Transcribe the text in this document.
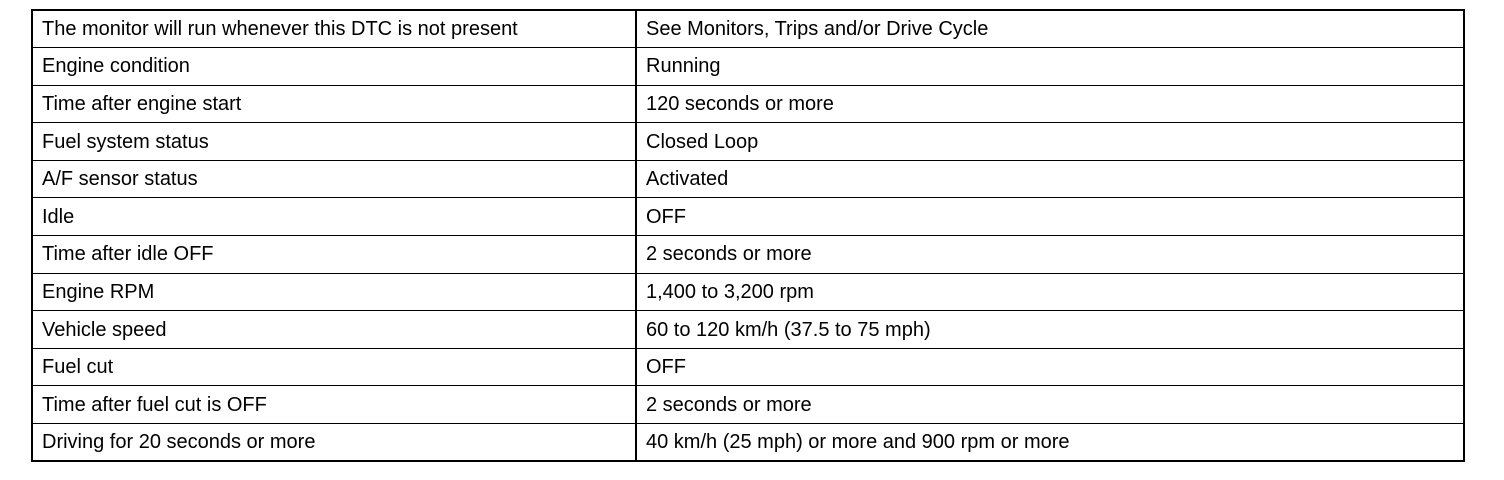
The monitor will run whenever this DTC is not present	See Monitors, Trips and/or Drive Cycle
Engine condition	Running
Time after engine start	120 seconds or more
Fuel system status	Closed Loop
A/F sensor status	Activated
Idle	OFF
Time after idle OFF	2 seconds or more
Engine RPM	1,400 to 3,200 rpm
Vehicle speed	60 to 120 km/h (37.5 to 75 mph)
Fuel cut	OFF
Time after fuel cut is OFF	2 seconds or more
Driving for 20 seconds or more	40 km/h (25 mph) or more and 900 rpm or more
